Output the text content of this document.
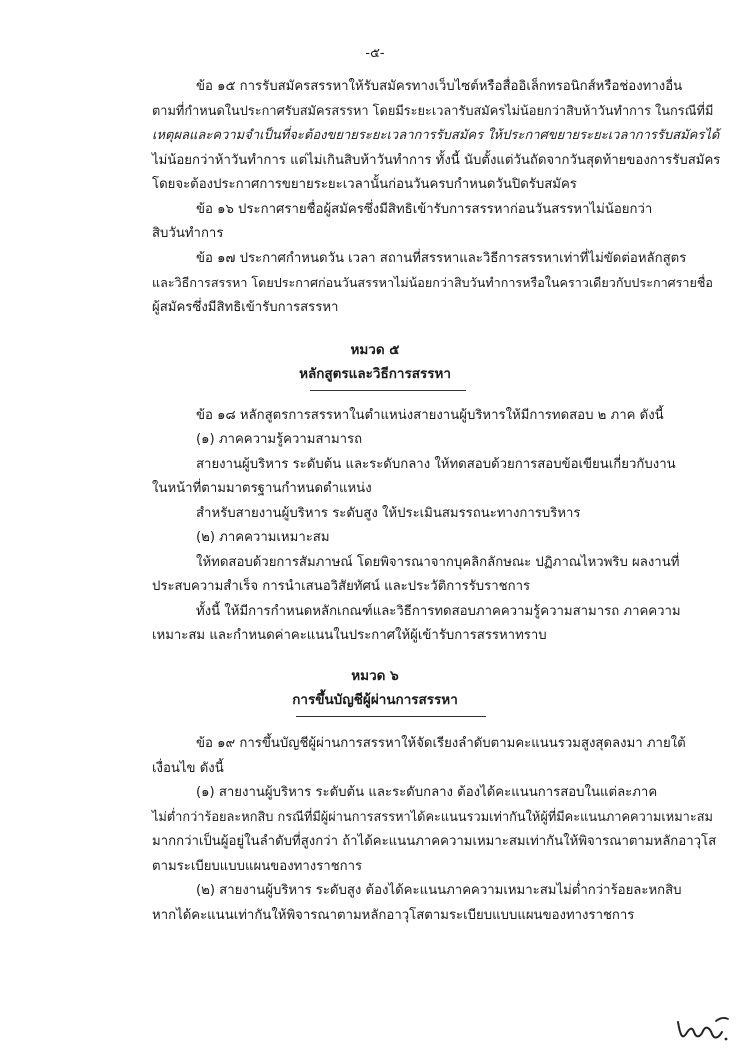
-๕-
ข้อ ๑๕ การรับสมัครสรรหาให้รับสมัครทางเว็บไซต์หรือสื่ออิเล็กทรอนิกส์หรือช่องทางอื่น
ตามที่กำหนดในประกาศรับสมัครสรรหา โดยมีระยะเวลารับสมัครไม่น้อยกว่าสิบห้าวันทำการ ในกรณีที่มี
เหตุผลและความจำเป็นที่จะต้องขยายระยะเวลาการรับสมัคร ให้ประกาศขยายระยะเวลาการรับสมัครได้
ไม่น้อยกว่าห้าวันทำการ แต่ไม่เกินสิบห้าวันทำการ ทั้งนี้ นับตั้งแต่วันถัดจากวันสุดท้ายของการรับสมัคร
โดยจะต้องประกาศการขยายระยะเวลานั้นก่อนวันครบกำหนดวันปิดรับสมัคร
ข้อ ๑๖ ประกาศรายชื่อผู้สมัครซึ่งมีสิทธิเข้ารับการสรรหาก่อนวันสรรหาไม่น้อยกว่า
สิบวันทำการ
ข้อ ๑๗ ประกาศกำหนดวัน เวลา สถานที่สรรหาและวิธีการสรรหาเท่าที่ไม่ขัดต่อหลักสูตร
และวิธีการสรรหา โดยประกาศก่อนวันสรรหาไม่น้อยกว่าสิบวันทำการหรือในคราวเดียวกับประกาศรายชื่อ
ผู้สมัครซึ่งมีสิทธิเข้ารับการสรรหา
หมวด ๕
หลักสูตรและวิธีการสรรหา
ข้อ ๑๘ หลักสูตรการสรรหาในตำแหน่งสายงานผู้บริหารให้มีการทดสอบ ๒ ภาค ดังนี้
(๑) ภาคความรู้ความสามารถ
สายงานผู้บริหาร ระดับต้น และระดับกลาง ให้ทดสอบด้วยการสอบข้อเขียนเกี่ยวกับงาน
ในหน้าที่ตามมาตรฐานกำหนดตำแหน่ง
สำหรับสายงานผู้บริหาร ระดับสูง ให้ประเมินสมรรถนะทางการบริหาร
(๒) ภาคความเหมาะสม
ให้ทดสอบด้วยการสัมภาษณ์ โดยพิจารณาจากบุคลิกลักษณะ ปฏิภาณไหวพริบ ผลงานที่
ประสบความสำเร็จ การนำเสนอวิสัยทัศน์ และประวัติการรับราชการ
ทั้งนี้ ให้มีการกำหนดหลักเกณฑ์และวิธีการทดสอบภาคความรู้ความสามารถ ภาคความ
เหมาะสม และกำหนดค่าคะแนนในประกาศให้ผู้เข้ารับการสรรหาทราบ
หมวด ๖
การขึ้นบัญชีผู้ผ่านการสรรหา
ข้อ ๑๙ การขึ้นบัญชีผู้ผ่านการสรรหาให้จัดเรียงลำดับตามคะแนนรวมสูงสุดลงมา ภายใต้
เงื่อนไข ดังนี้
(๑) สายงานผู้บริหาร ระดับต้น และระดับกลาง ต้องได้คะแนนการสอบในแต่ละภาค
ไม่ต่ำกว่าร้อยละหกสิบ กรณีที่มีผู้ผ่านการสรรหาได้คะแนนรวมเท่ากันให้ผู้ที่มีคะแนนภาคความเหมาะสม
มากกว่าเป็นผู้อยู่ในลำดับที่สูงกว่า ถ้าได้คะแนนภาคความเหมาะสมเท่ากันให้พิจารณาตามหลักอาวุโส
ตามระเบียบแบบแผนของทางราชการ
(๒) สายงานผู้บริหาร ระดับสูง ต้องได้คะแนนภาคความเหมาะสมไม่ต่ำกว่าร้อยละหกสิบ
หากได้คะแนนเท่ากันให้พิจารณาตามหลักอาวุโสตามระเบียบแบบแผนของทางราชการ
